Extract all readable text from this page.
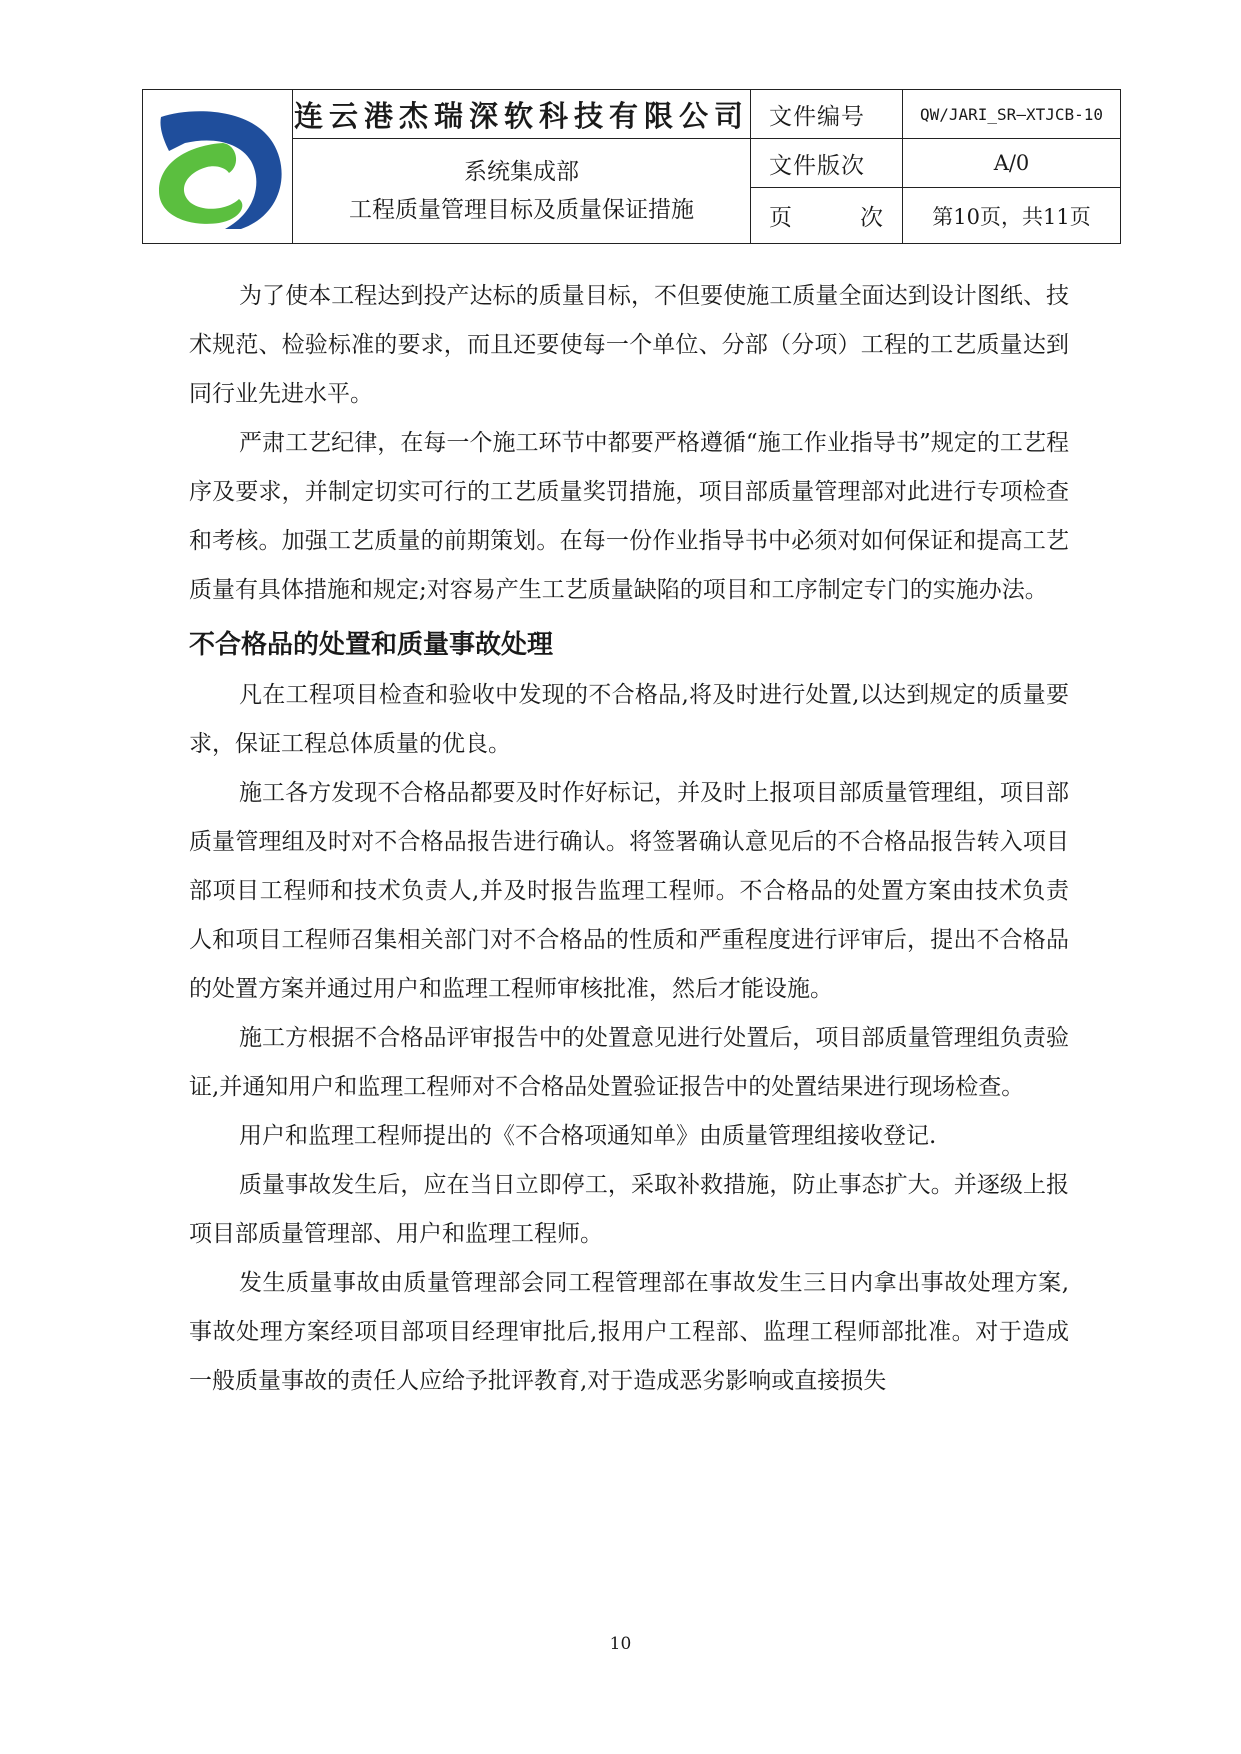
	连云港杰瑞深软科技有限公司	文件编号	QW/JARI_SR—XTJCB-10

	系统集成部
工程质量管理目标及质量保证措施	文件版次	A/0

		页 次	第10页，共11页

为了使本工程达到投产达标的质量目标，不但要使施工质量全面达到设计图纸、技术规范、检验标准的要求，而且还要使每一个单位、分部（分项）工程的工艺质量达到同行业先进水平。

严肃工艺纪律，在每一个施工环节中都要严格遵循“施工作业指导书”规定的工艺程序及要求，并制定切实可行的工艺质量奖罚措施，项目部质量管理部对此进行专项检查和考核。加强工艺质量的前期策划。在每一份作业指导书中必须对如何保证和提高工艺质量有具体措施和规定;对容易产生工艺质量缺陷的项目和工序制定专门的实施办法。

不合格品的处置和质量事故处理

凡在工程项目检查和验收中发现的不合格品,将及时进行处置,以达到规定的质量要求，保证工程总体质量的优良。

施工各方发现不合格品都要及时作好标记，并及时上报项目部质量管理组，项目部质量管理组及时对不合格品报告进行确认。将签署确认意见后的不合格品报告转入项目部项目工程师和技术负责人,并及时报告监理工程师。不合格品的处置方案由技术负责人和项目工程师召集相关部门对不合格品的性质和严重程度进行评审后，提出不合格品的处置方案并通过用户和监理工程师审核批准，然后才能设施。

施工方根据不合格品评审报告中的处置意见进行处置后，项目部质量管理组负责验证,并通知用户和监理工程师对不合格品处置验证报告中的处置结果进行现场检查。

用户和监理工程师提出的《不合格项通知单》由质量管理组接收登记.

质量事故发生后，应在当日立即停工，采取补救措施，防止事态扩大。并逐级上报项目部质量管理部、用户和监理工程师。

发生质量事故由质量管理部会同工程管理部在事故发生三日内拿出事故处理方案,事故处理方案经项目部项目经理审批后,报用户工程部、监理工程师部批准。对于造成一般质量事故的责任人应给予批评教育,对于造成恶劣影响或直接损失

10
